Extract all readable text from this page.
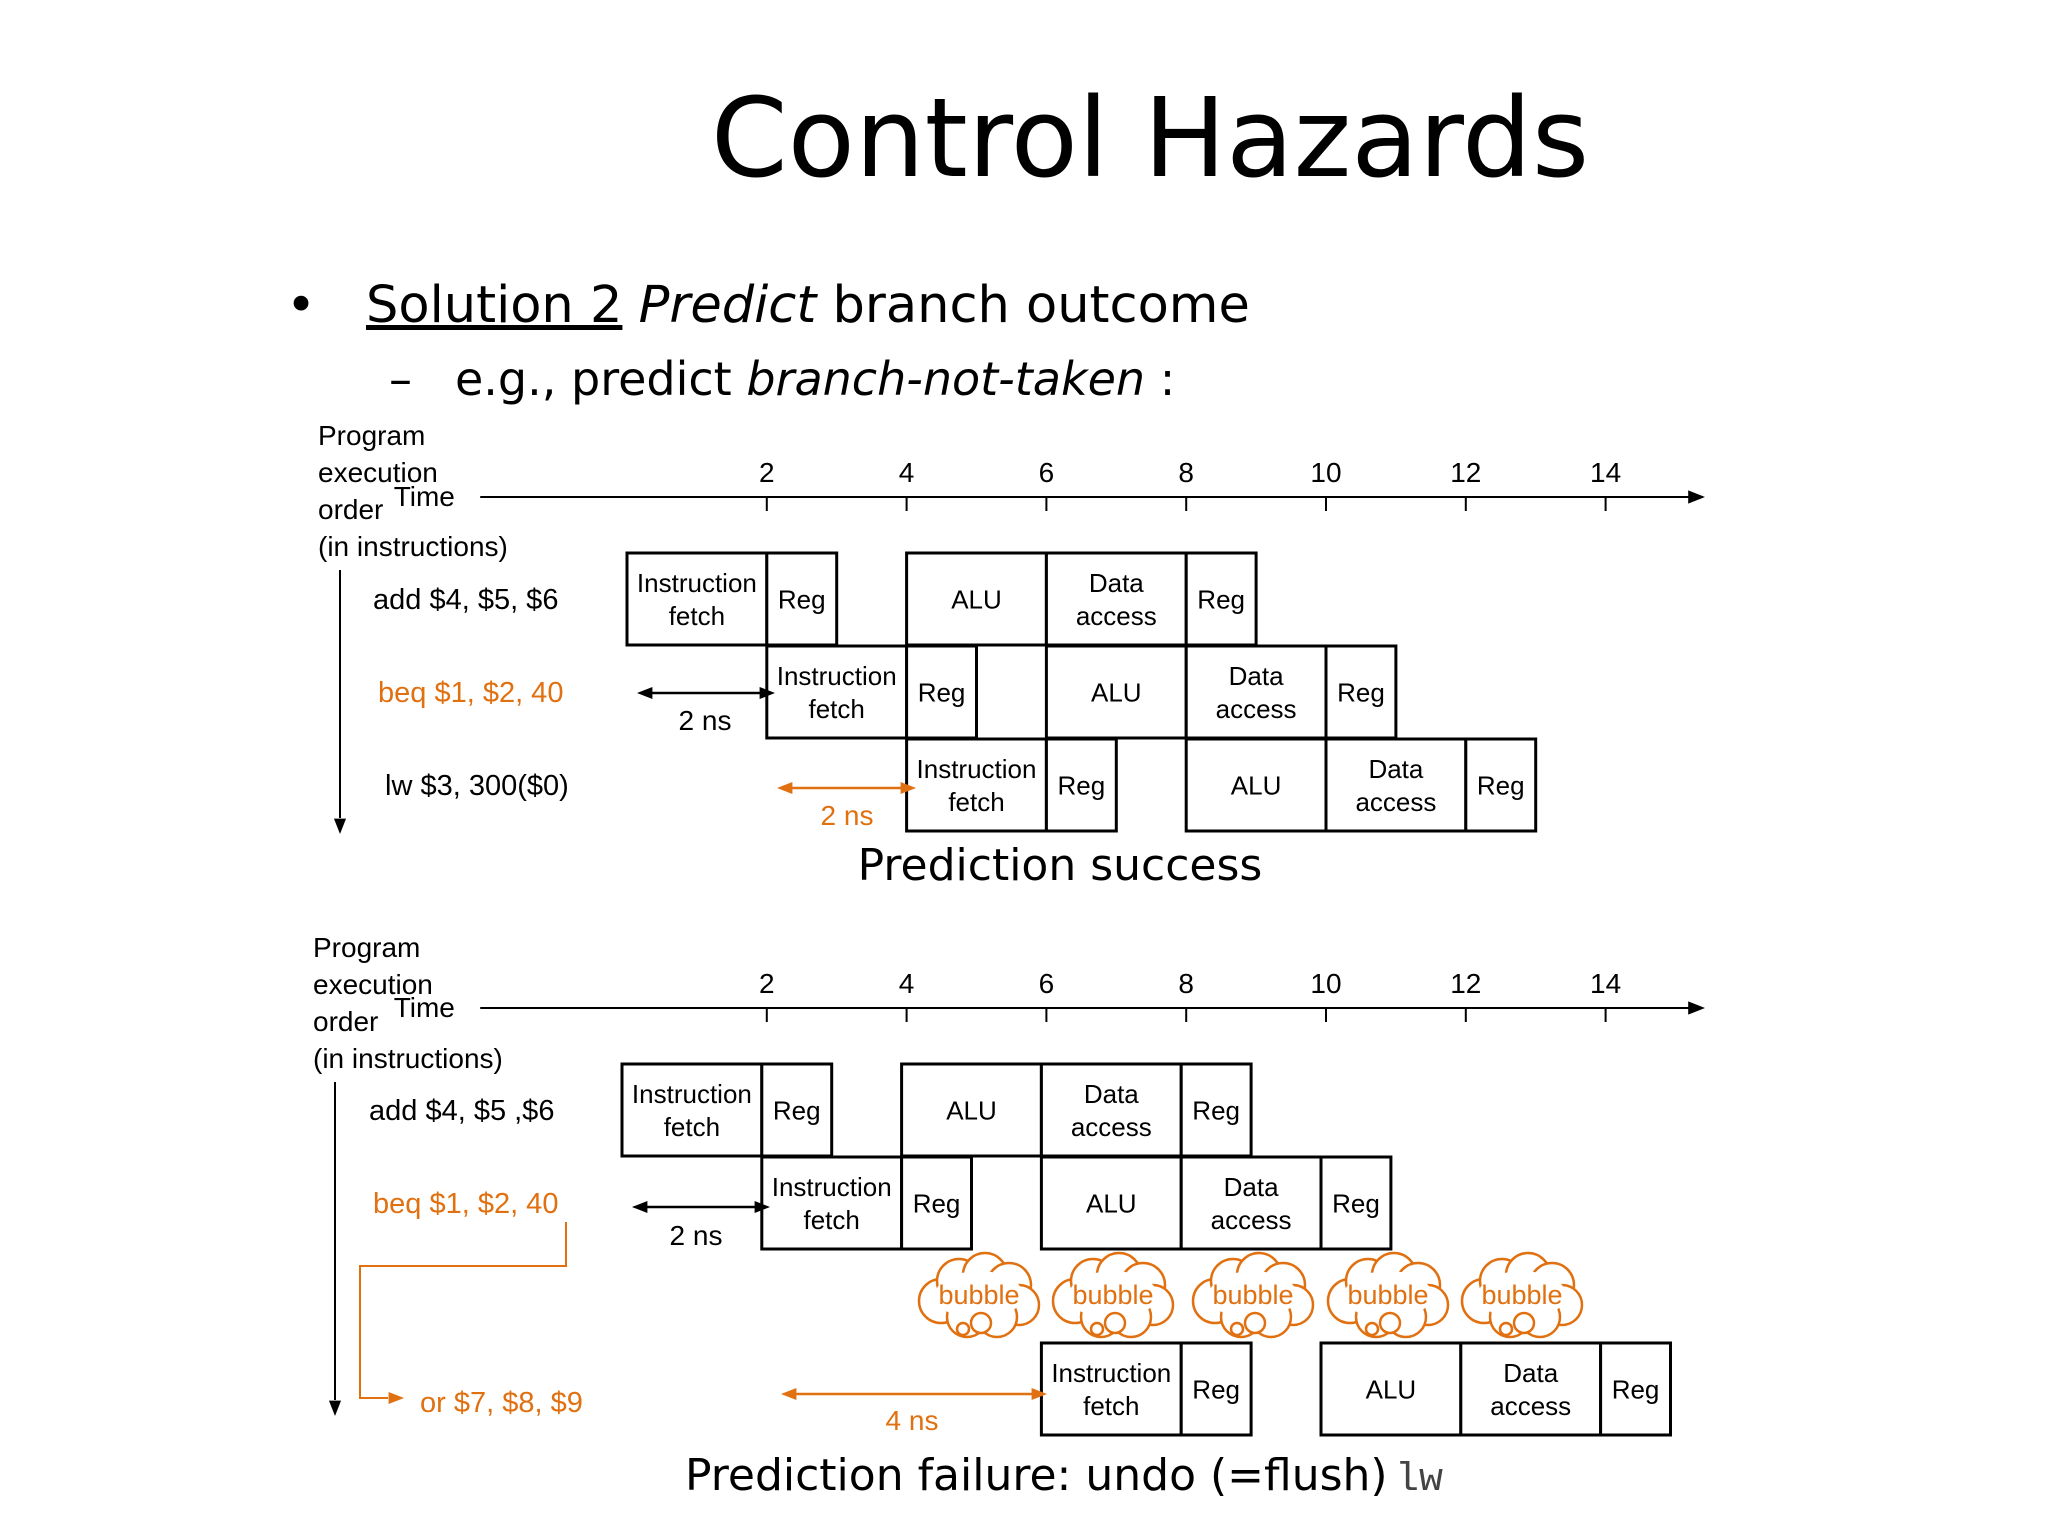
Control Hazards
• Solution 2 Predict branch outcome
– e.g., predict branch-not-taken :
Program
execution
order
(in instructions)
Time
2	4	6	8	10	12	14
add $4, $5, $6
beq $1, $2, 40
lw $3, 300($0)
Instruction
fetch
Reg	ALU
Data
access
Reg
Instruction
fetch
Reg	ALU
Data
access
Reg
Instruction
fetch
Reg	ALU
Data
access
Reg
2 ns
2 ns
Prediction success
Program
execution
order
(in instructions)
Time
2	4	6	8	10	12	14
add $4, $5 ,$6
beq $1, $2, 40
or $7, $8, $9
Instruction
fetch
Reg	ALU
Data
access
Reg
Instruction
fetch
Reg	ALU
Data
access
Reg
Instruction
fetch
Reg	ALU
Data
access
Reg
bubble bubble bubble bubble bubble
2 ns
4 ns
Prediction failure: undo (=flush) lw
